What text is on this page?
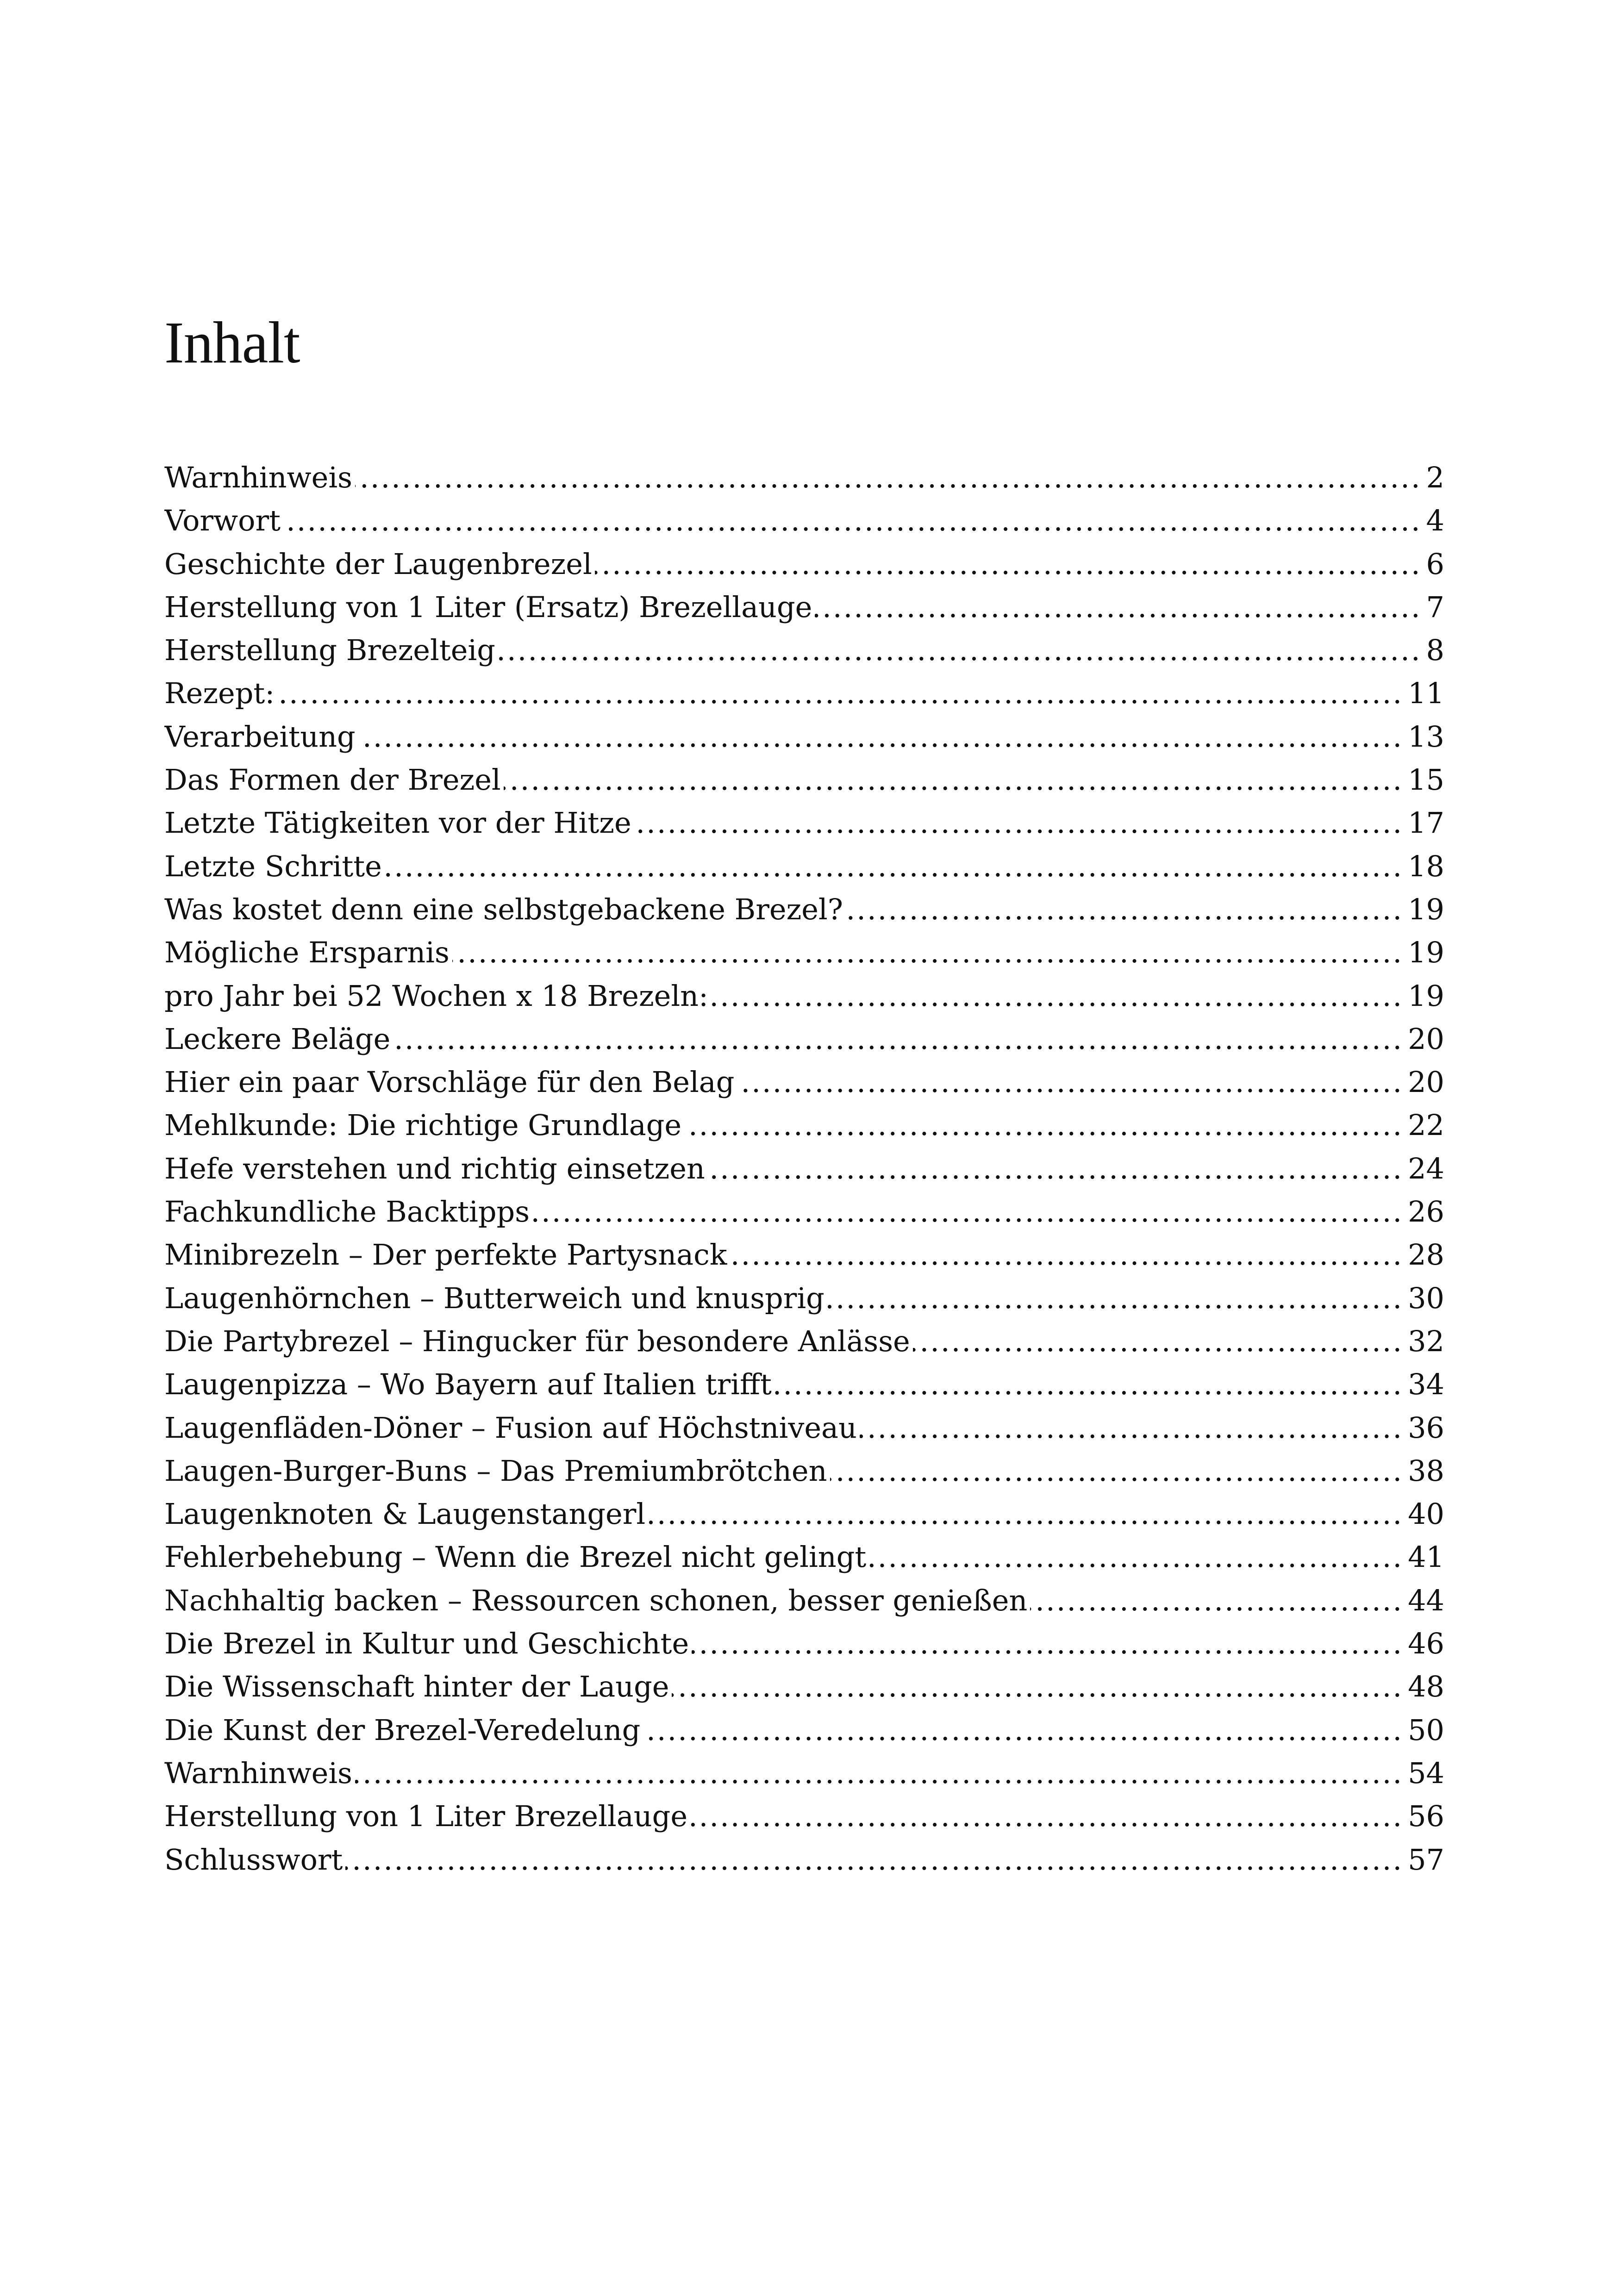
Inhalt
Warnhinweis .....	2
Vorwort .....	4
Geschichte der Laugenbrezel .....	6
Herstellung von 1 Liter (Ersatz) Brezellauge .....	7
Herstellung Brezelteig .....	8
Rezept: .....	11
Verarbeitung .....	13
Das Formen der Brezel .....	15
Letzte Tätigkeiten vor der Hitze .....	17
Letzte Schritte .....	18
Was kostet denn eine selbstgebackene Brezel? .....	19
Mögliche Ersparnis .....	19
pro Jahr bei 52 Wochen x 18 Brezeln: .....	19
Leckere Beläge .....	20
Hier ein paar Vorschläge für den Belag .....	20
Mehlkunde: Die richtige Grundlage .....	22
Hefe verstehen und richtig einsetzen .....	24
Fachkundliche Backtipps .....	26
Minibrezeln – Der perfekte Partysnack .....	28
Laugenhörnchen – Butterweich und knusprig .....	30
Die Partybrezel – Hingucker für besondere Anlässe .....	32
Laugenpizza – Wo Bayern auf Italien trifft .....	34
Laugenfläden-Döner – Fusion auf Höchstniveau .....	36
Laugen-Burger-Buns – Das Premiumbrötchen .....	38
Laugenknoten & Laugenstangerl .....	40
Fehlerbehebung – Wenn die Brezel nicht gelingt .....	41
Nachhaltig backen – Ressourcen schonen, besser genießen .....	44
Die Brezel in Kultur und Geschichte .....	46
Die Wissenschaft hinter der Lauge .....	48
Die Kunst der Brezel-Veredelung .....	50
Warnhinweis .....	54
Herstellung von 1 Liter Brezellauge .....	56
Schlusswort .....	57
